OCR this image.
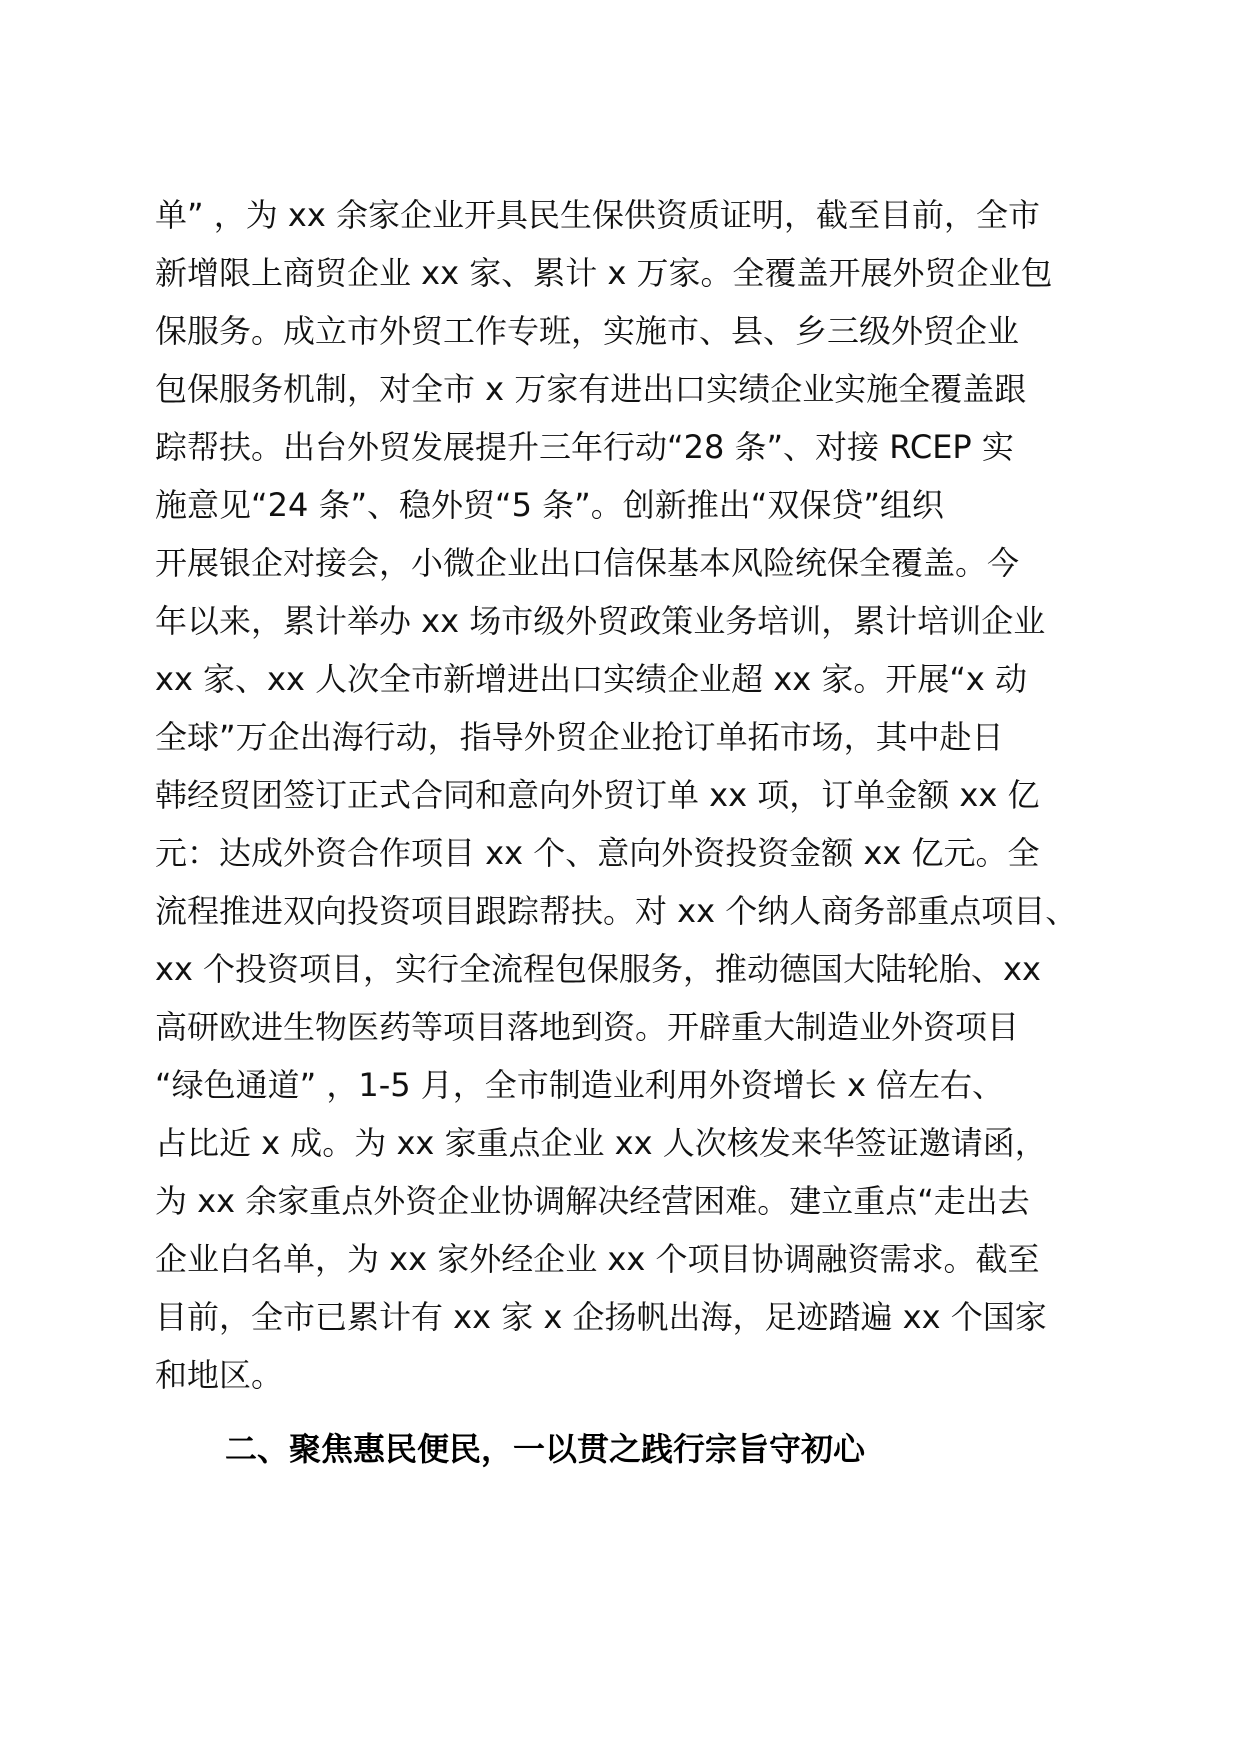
单” ，为 xx 余家企业开具民生保供资质证明，截至目前，全市
新增限上商贸企业 xx 家、累计 x 万家。全覆盖开展外贸企业包
保服务。成立市外贸工作专班，实施市、县、乡三级外贸企业
包保服务机制，对全市 x 万家有进出口实绩企业实施全覆盖跟
踪帮扶。出台外贸发展提升三年行动“28 条”、对接 RCEP 实
施意见“24 条”、稳外贸“5 条”。创新推出“双保贷”组织
开展银企对接会，小微企业出口信保基本风险统保全覆盖。今
年以来，累计举办 xx 场市级外贸政策业务培训，累计培训企业
xx 家、xx 人次全市新增进出口实绩企业超 xx 家。开展“x 动
全球”万企出海行动，指导外贸企业抢订单拓市场，其中赴日
韩经贸团签订正式合同和意向外贸订单 xx 项，订单金额 xx 亿
元：达成外资合作项目 xx 个、意向外资投资金额 xx 亿元。全
流程推进双向投资项目跟踪帮扶。对 xx 个纳人商务部重点项目、
xx 个投资项目，实行全流程包保服务，推动德国大陆轮胎、xx
高研欧进生物医药等项目落地到资。开辟重大制造业外资项目
“绿色通道” ，1-5 月，全市制造业利用外资增长 x 倍左右、
占比近 x 成。为 xx 家重点企业 xx 人次核发来华签证邀请函，
为 xx 余家重点外资企业协调解决经营困难。建立重点“走出去
企业白名单，为 xx 家外经企业 xx 个项目协调融资需求。截至
目前，全市已累计有 xx 家 x 企扬帆出海，足迹踏遍 xx 个国家
和地区。
二、聚焦惠民便民，一以贯之践行宗旨守初心
